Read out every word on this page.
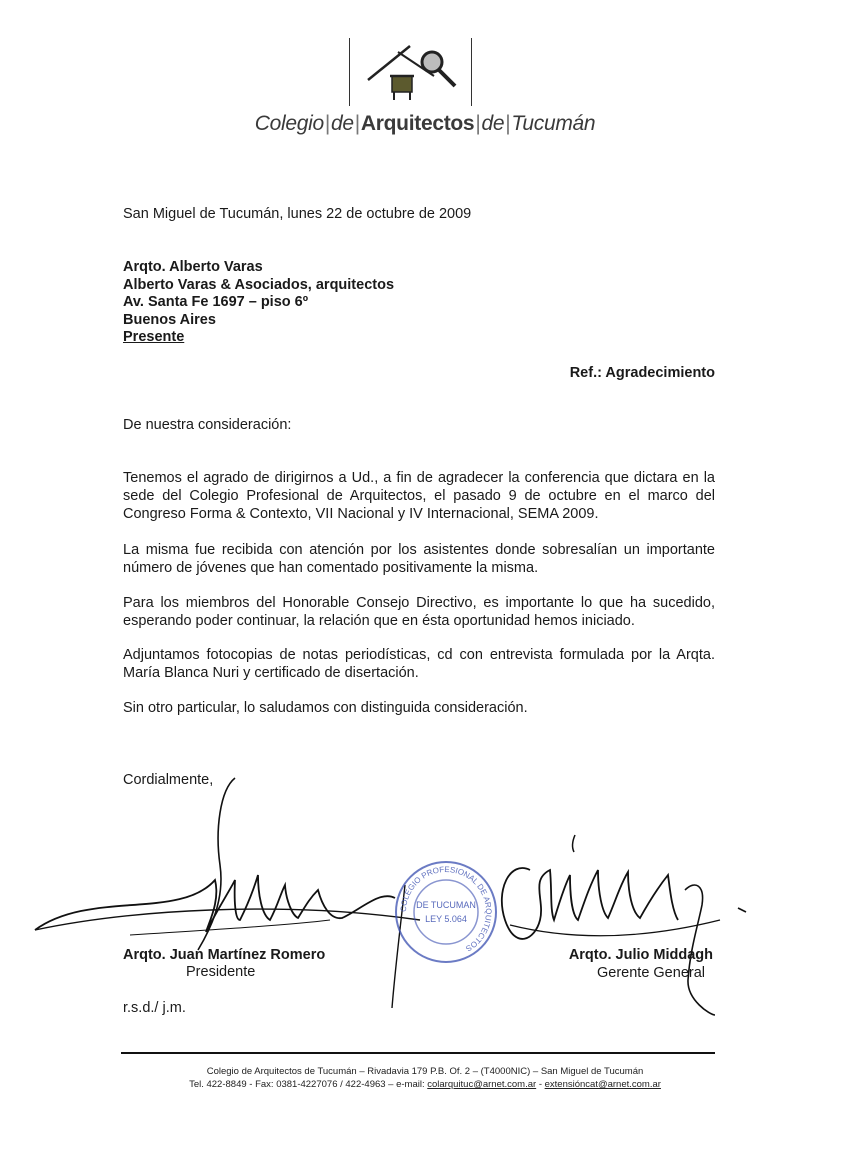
Colegio|de|Arquitectos|de|Tucumán
San Miguel de Tucumán, lunes 22 de octubre de 2009
Arqto. Alberto Varas
Alberto Varas & Asociados, arquitectos
Av. Santa Fe 1697 – piso 6º
Buenos Aires
Presente
Ref.: Agradecimiento
De nuestra consideración:
Tenemos el agrado de dirigirnos a Ud., a fin de agradecer la conferencia que dictara en la sede del Colegio Profesional de Arquitectos, el pasado 9 de octubre en el marco del Congreso Forma & Contexto, VII Nacional y IV Internacional, SEMA 2009.
La misma fue recibida con atención por los asistentes donde sobresalían un importante número de jóvenes que han comentado positivamente la misma.
Para los miembros del Honorable Consejo Directivo, es importante lo que ha sucedido, esperando poder continuar, la relación que en ésta oportunidad hemos iniciado.
Adjuntamos fotocopias de notas periodísticas, cd con entrevista formulada por la Arqta. María Blanca Nuri y certificado de disertación.
Sin otro particular, lo saludamos con distinguida consideración.
Cordialmente,
COLEGIO PROFESIONAL DE ARQUITECTOS
DE TUCUMAN
LEY 5.064
Arqto. Juan Martínez Romero
Presidente
Arqto. Julio Middagh
Gerente General
r.s.d./ j.m.
Colegio de Arquitectos de Tucumán – Rivadavia 179 P.B. Of. 2 – (T4000NIC) – San Miguel de Tucumán
Tel. 422-8849 - Fax: 0381-4227076 / 422-4963 – e-mail: colarquituc@arnet.com.ar - extensióncat@arnet.com.ar
